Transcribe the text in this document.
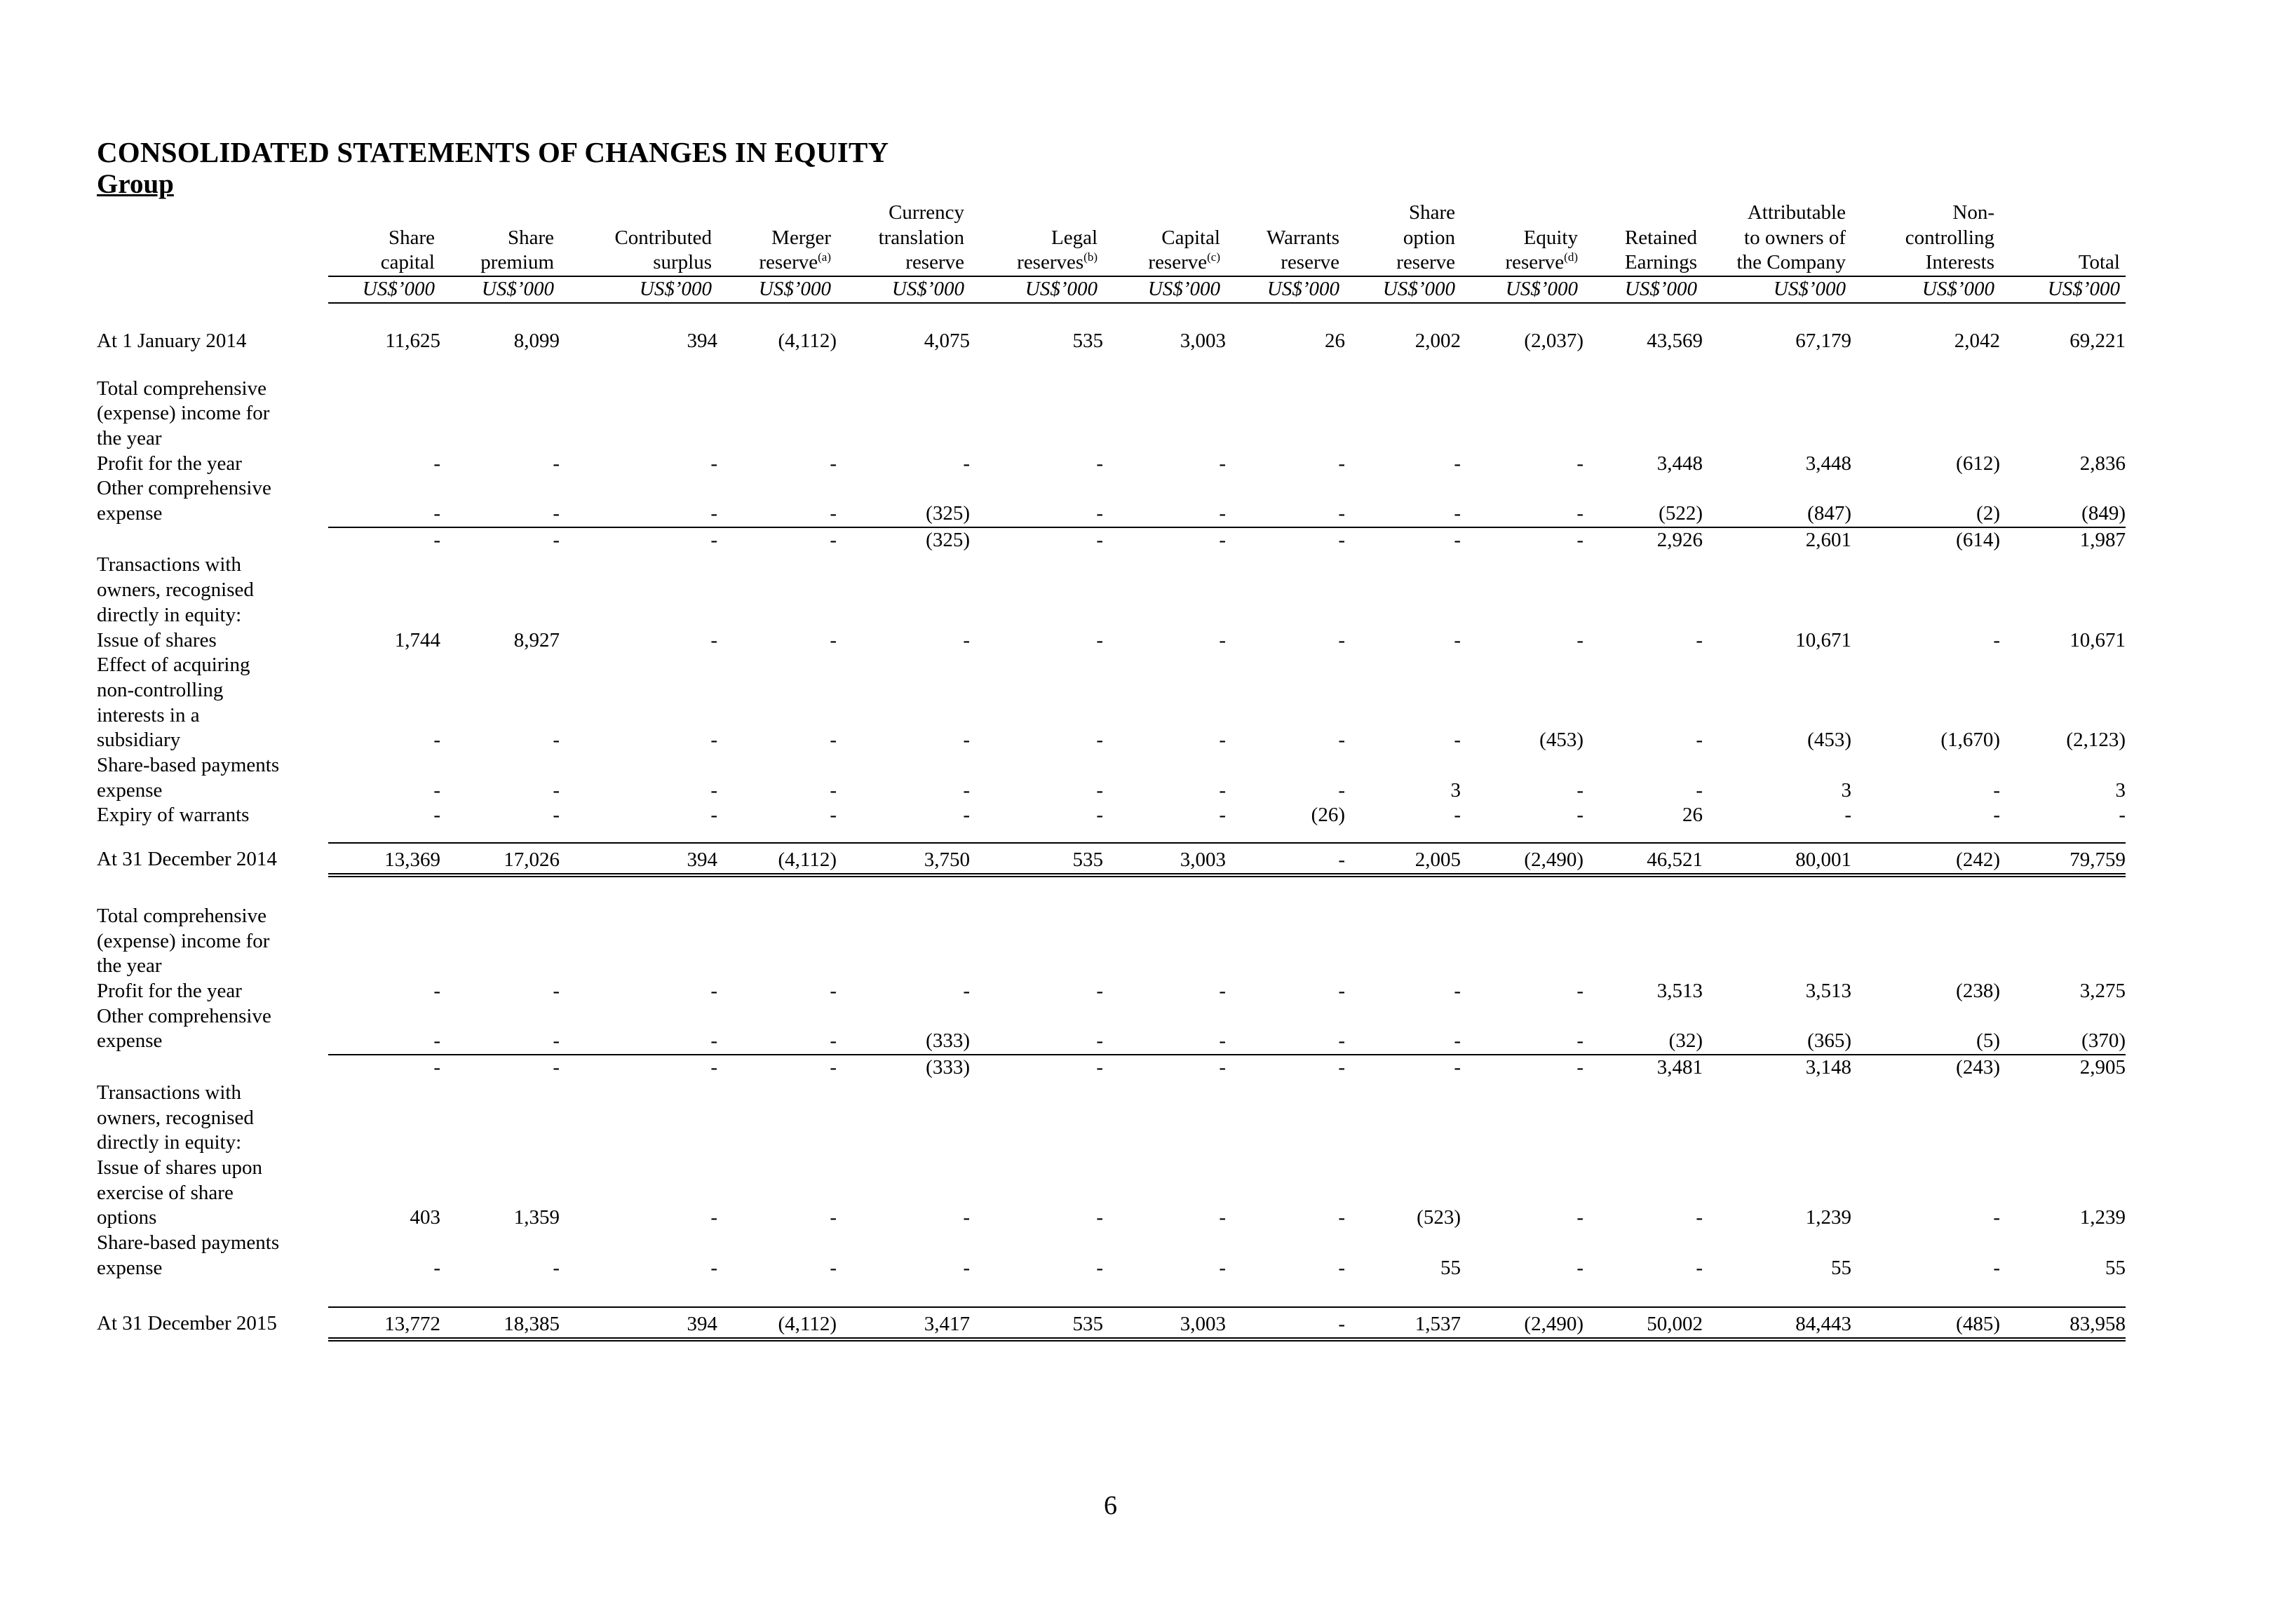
CONSOLIDATED STATEMENTS OF CHANGES IN EQUITY
Group

					Currency				Share			Attributable	Non-	
	Share	Share	Contributed	Merger	translation	Legal	Capital	Warrants	option	Equity	Retained	to owners of	controlling	
	capital	premium	surplus	reserve$^{(a)}$	reserve	reserves$^{(b)}$	reserve$^{(c)}$	reserve	reserve	reserve$^{(d)}$	Earnings	the Company	Interests	Total
	US$’000	US$’000	US$’000	US$’000	US$’000	US$’000	US$’000	US$’000	US$’000	US$’000	US$’000	US$’000	US$’000	US$’000

At 1 January 2014	11,625	8,099	394	(4,112)	4,075	535	3,003	26	2,002	(2,037)	43,569	67,179	2,042	69,221

Total comprehensive														
(expense) income for														
the year														
Profit for the year	-	-	-	-	-	-	-	-	-	-	3,448	3,448	(612)	2,836
Other comprehensive														
expense	-	-	-	-	(325)	-	-	-	-	-	(522)	(847)	(2)	(849)
	-	-	-	-	(325)	-	-	-	-	-	2,926	2,601	(614)	1,987
Transactions with														
owners, recognised														
directly in equity:														
Issue of shares	1,744	8,927	-	-	-	-	-	-	-	-	-	10,671	-	10,671
Effect of acquiring														
non-controlling														
interests in a														
subsidiary	-	-	-	-	-	-	-	-	-	(453)	-	(453)	(1,670)	(2,123)
Share-based payments														
expense	-	-	-	-	-	-	-	-	3	-	-	3	-	3
Expiry of warrants	-	-	-	-	-	-	-	(26)	-	-	26	-	-	-

At 31 December 2014	13,369	17,026	394	(4,112)	3,750	535	3,003	-	2,005	(2,490)	46,521	80,001	(242)	79,759

Total comprehensive														
(expense) income for														
the year														
Profit for the year	-	-	-	-	-	-	-	-	-	-	3,513	3,513	(238)	3,275
Other comprehensive														
expense	-	-	-	-	(333)	-	-	-	-	-	(32)	(365)	(5)	(370)
	-	-	-	-	(333)	-	-	-	-	-	3,481	3,148	(243)	2,905
Transactions with														
owners, recognised														
directly in equity:														
Issue of shares upon														
exercise of share														
options	403	1,359	-	-	-	-	-	-	(523)	-	-	1,239	-	1,239
Share-based payments														
expense	-	-	-	-	-	-	-	-	55	-	-	55	-	55

At 31 December 2015	13,772	18,385	394	(4,112)	3,417	535	3,003	-	1,537	(2,490)	50,002	84,443	(485)	83,958
6
